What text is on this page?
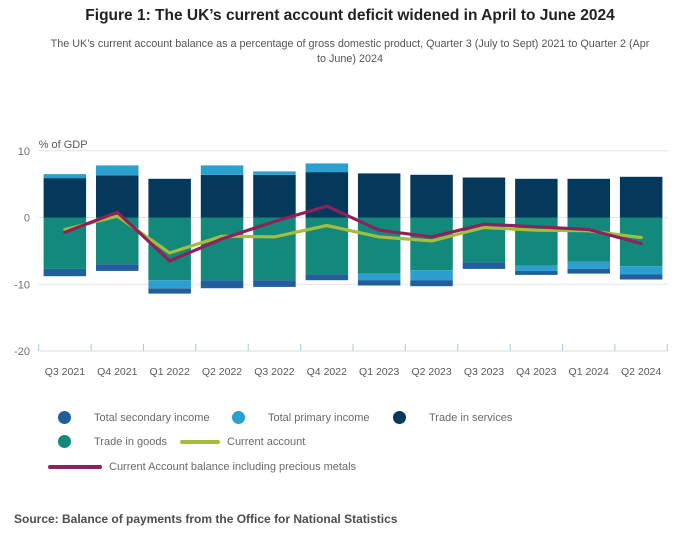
Figure 1: The UK’s current account deficit widened in April to June 2024
The UK’s current account balance as a percentage of gross domestic product, Quarter 3 (July to Sept) 2021 to Quarter 2 (Apr to June) 2024
10
0
-10
-20
% of GDP
Q3 2021 Q4 2021 Q1 2022 Q2 2022 Q3 2022 Q4 2022 Q1 2023 Q2 2023 Q3 2023 Q4 2023 Q1 2024 Q2 2024
Total secondary income	Total primary income	Trade in services
Trade in goods	Current account
Current Account balance including precious metals
Source: Balance of payments from the Office for National Statistics
